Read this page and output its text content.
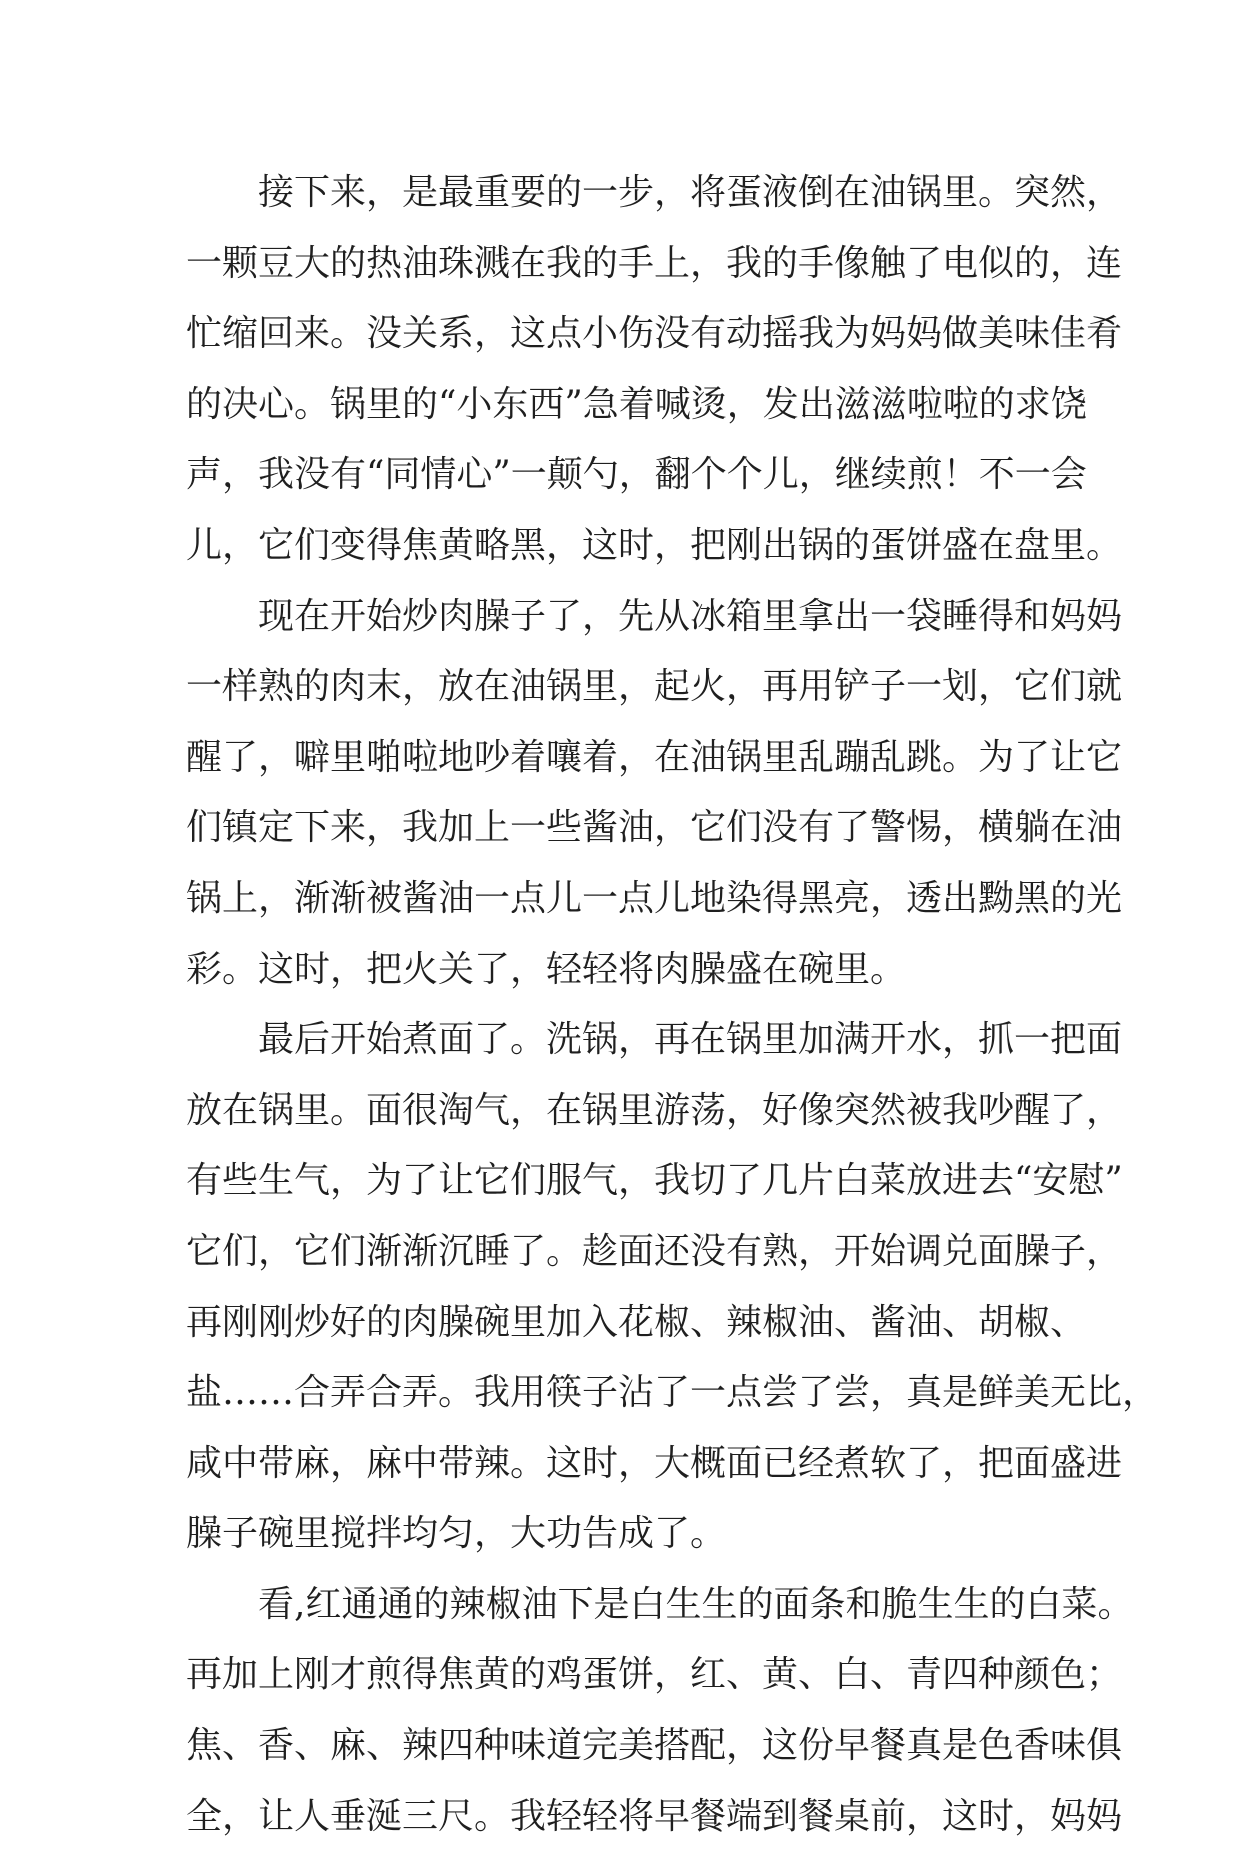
接下来，是最重要的一步，将蛋液倒在油锅里。突然，
一颗豆大的热油珠溅在我的手上，我的手像触了电似的，连
忙缩回来。没关系，这点小伤没有动摇我为妈妈做美味佳肴
的决心。锅里的“小东西”急着喊烫，发出滋滋啦啦的求饶
声，我没有“同情心”一颠勺，翻个个儿，继续煎！不一会
儿，它们变得焦黄略黑，这时，把刚出锅的蛋饼盛在盘里。
现在开始炒肉臊子了，先从冰箱里拿出一袋睡得和妈妈
一样熟的肉末，放在油锅里，起火，再用铲子一划，它们就
醒了，噼里啪啦地吵着嚷着，在油锅里乱蹦乱跳。为了让它
们镇定下来，我加上一些酱油，它们没有了警惕，横躺在油
锅上，渐渐被酱油一点儿一点儿地染得黑亮，透出黝黑的光
彩。这时，把火关了，轻轻将肉臊盛在碗里。
最后开始煮面了。洗锅，再在锅里加满开水，抓一把面
放在锅里。面很淘气，在锅里游荡，好像突然被我吵醒了，
有些生气，为了让它们服气，我切了几片白菜放进去“安慰”
它们，它们渐渐沉睡了。趁面还没有熟，开始调兑面臊子，
再刚刚炒好的肉臊碗里加入花椒、辣椒油、酱油、胡椒、
盐……合弄合弄。我用筷子沾了一点尝了尝，真是鲜美无比，
咸中带麻，麻中带辣。这时，大概面已经煮软了，把面盛进
臊子碗里搅拌均匀，大功告成了。
看,红通通的辣椒油下是白生生的面条和脆生生的白菜。
再加上刚才煎得焦黄的鸡蛋饼，红、黄、白、青四种颜色；
焦、香、麻、辣四种味道完美搭配，这份早餐真是色香味俱
全，让人垂涎三尺。我轻轻将早餐端到餐桌前，这时，妈妈
